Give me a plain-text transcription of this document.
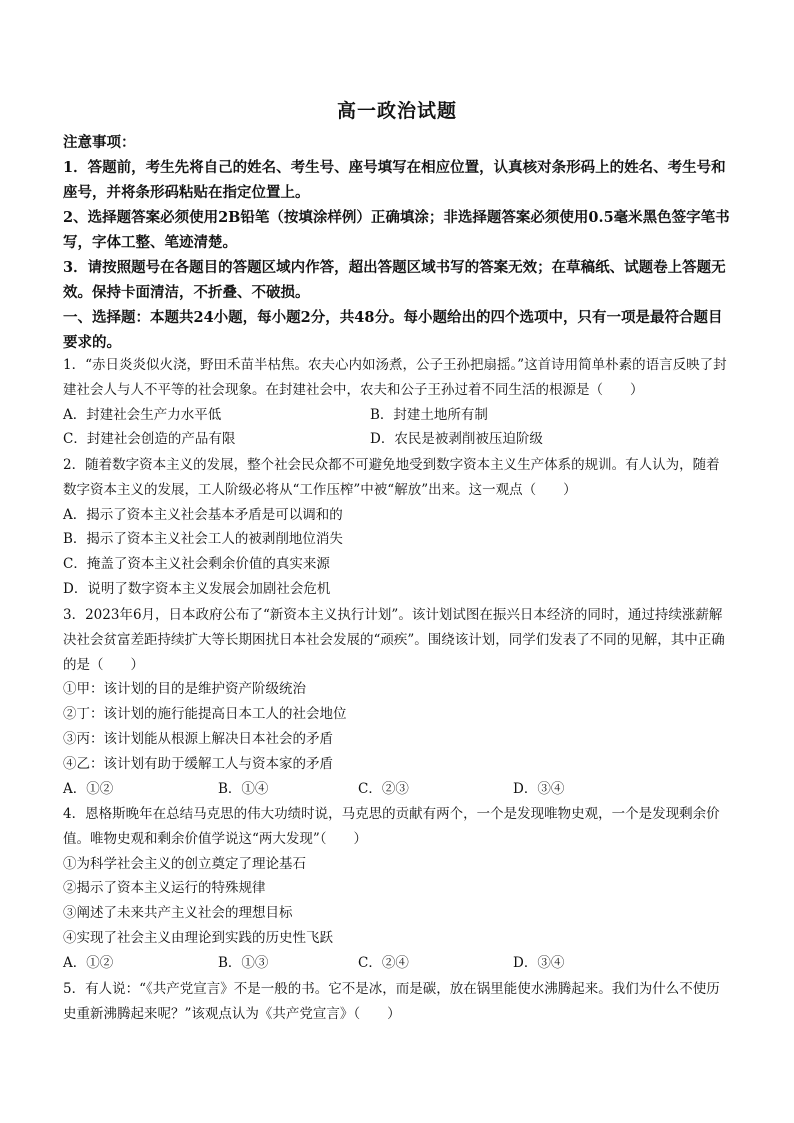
高一政治试题

注意事项：

1．答题前，考生先将自己的姓名、考生号、座号填写在相应位置，认真核对条形码上的姓名、考生号和座号，并将条形码粘贴在指定位置上。

2、选择题答案必须使用2B铅笔（按填涂样例）正确填涂；非选择题答案必须使用0.5毫米黑色签字笔书写，字体工整、笔迹清楚。

3．请按照题号在各题目的答题区域内作答，超出答题区域书写的答案无效；在草稿纸、试题卷上答题无效。保持卡面清洁，不折叠、不破损。

一、选择题：本题共24小题，每小题2分，共48分。每小题给出的四个选项中，只有一项是最符合题目要求的。

1．“赤日炎炎似火浇，野田禾苗半枯焦。农夫心内如汤煮，公子王孙把扇摇。”这首诗用简单朴素的语言反映了封建社会人与人不平等的社会现象。在封建社会中，农夫和公子王孙过着不同生活的根源是（　　）

A．封建社会生产力水平低	B．封建土地所有制
C．封建社会创造的产品有限	D．农民是被剥削被压迫阶级

2．随着数字资本主义的发展，整个社会民众都不可避免地受到数字资本主义生产体系的规训。有人认为，随着数字资本主义的发展，工人阶级必将从“工作压榨”中被“解放”出来。这一观点（　　）

A．揭示了资本主义社会基本矛盾是可以调和的

B．揭示了资本主义社会工人的被剥削地位消失

C．掩盖了资本主义社会剩余价值的真实来源

D．说明了数字资本主义发展会加剧社会危机

3．2023年6月，日本政府公布了“新资本主义执行计划”。该计划试图在振兴日本经济的同时，通过持续涨薪解决社会贫富差距持续扩大等长期困扰日本社会发展的“顽疾”。围绕该计划，同学们发表了不同的见解，其中正确的是（　　）

①甲：该计划的目的是维护资产阶级统治

②丁：该计划的施行能提高日本工人的社会地位

③丙：该计划能从根源上解决日本社会的矛盾

④乙：该计划有助于缓解工人与资本家的矛盾

A．①②	B．①④	C．②③	D．③④

4．恩格斯晚年在总结马克思的伟大功绩时说，马克思的贡献有两个，一个是发现唯物史观，一个是发现剩余价值。唯物史观和剩余价值学说这“两大发现”（　　）

①为科学社会主义的创立奠定了理论基石

②揭示了资本主义运行的特殊规律

③阐述了未来共产主义社会的理想目标

④实现了社会主义由理论到实践的历史性飞跃

A．①②	B．①③	C．②④	D．③④

5．有人说：“《共产党宣言》不是一般的书。它不是冰，而是碳，放在锅里能使水沸腾起来。我们为什么不使历史重新沸腾起来呢？”该观点认为《共产党宣言》（　　）
